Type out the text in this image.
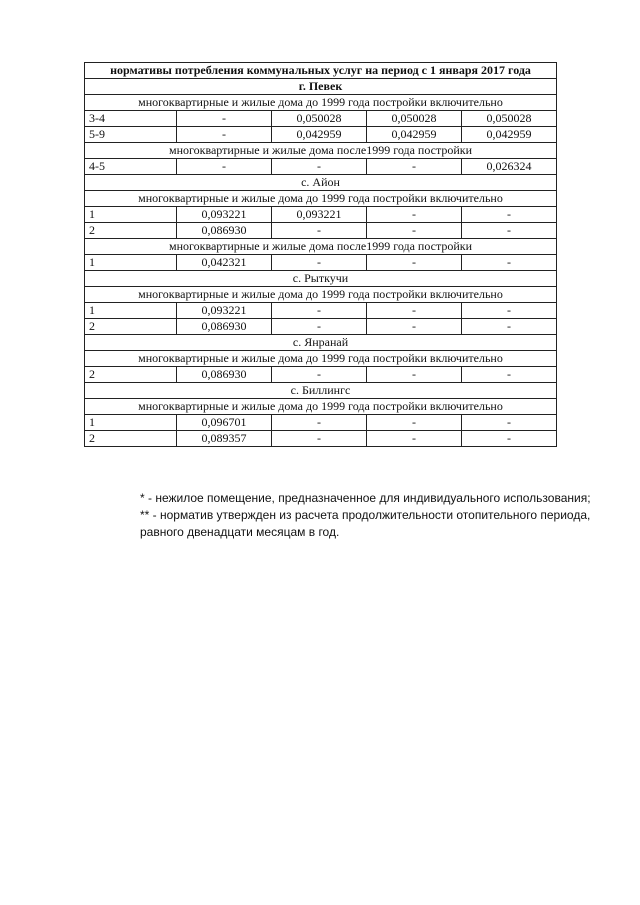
нормативы потребления коммунальных услуг на период с 1 января 2017 года				
г. Певек				
многоквартирные и жилые дома до 1999 года постройки включительно				
3-4	-	0,050028	0,050028	0,050028
5-9	-	0,042959	0,042959	0,042959
многоквартирные и жилые дома после1999 года постройки				
4-5	-	-	-	0,026324
с. Айон				
многоквартирные и жилые дома до 1999 года постройки включительно				
1	0,093221	0,093221	-	-
2	0,086930	-	-	-
многоквартирные и жилые дома после1999 года постройки				
1	0,042321	-	-	-
с. Рыткучи				
многоквартирные и жилые дома до 1999 года постройки включительно				
1	0,093221	-	-	-
2	0,086930	-	-	-
с. Янранай				
многоквартирные и жилые дома до 1999 года постройки включительно				
2	0,086930	-	-	-
с. Биллингс				
многоквартирные и жилые дома до 1999 года постройки включительно				
1	0,096701	-	-	-
2	0,089357	-	-	-
* - нежилое помещение, предназначенное для индивидуального использования;
** - норматив утвержден из расчета продолжительности отопительного периода, равного двенадцати месяцам в год.
